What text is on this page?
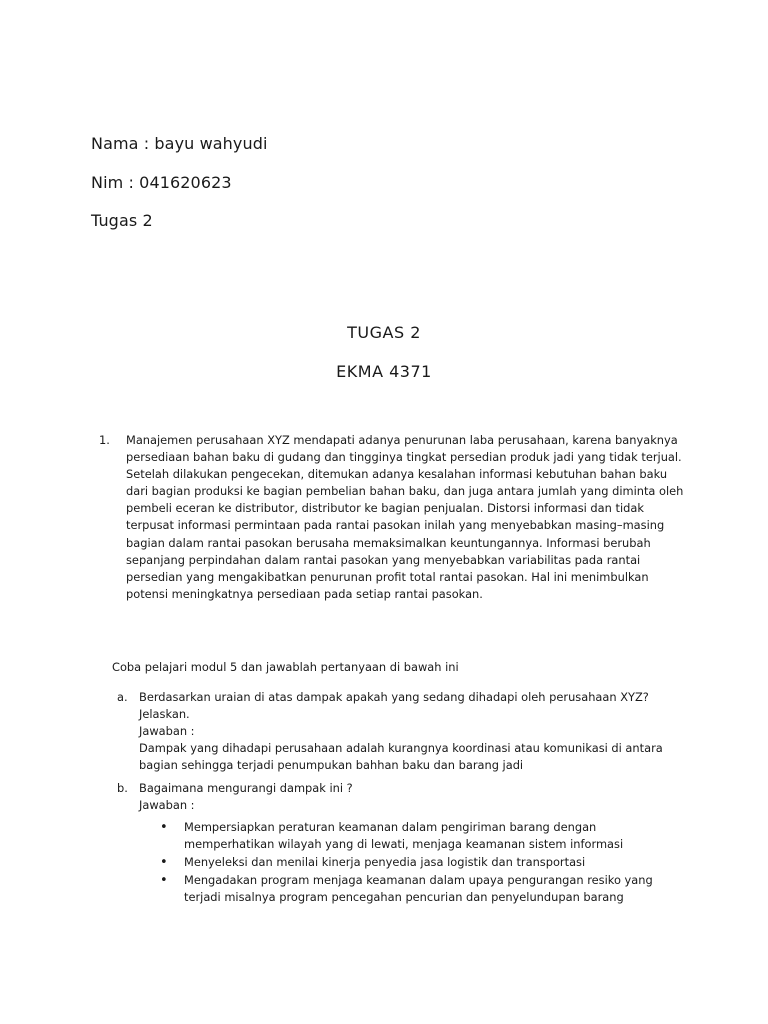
Nama : bayu wahyudi
Nim : 041620623
Tugas 2
TUGAS 2
EKMA 4371
1. Manajemen perusahaan XYZ mendapati adanya penurunan laba perusahaan, karena banyaknya
persediaan bahan baku di gudang dan tingginya tingkat persedian produk jadi yang tidak terjual.
Setelah dilakukan pengecekan, ditemukan adanya kesalahan informasi kebutuhan bahan baku
dari bagian produksi ke bagian pembelian bahan baku, dan juga antara jumlah yang diminta oleh
pembeli eceran ke distributor, distributor ke bagian penjualan. Distorsi informasi dan tidak
terpusat informasi permintaan pada rantai pasokan inilah yang menyebabkan masing–masing
bagian dalam rantai pasokan berusaha memaksimalkan keuntungannya. Informasi berubah
sepanjang perpindahan dalam rantai pasokan yang menyebabkan variabilitas pada rantai
persedian yang mengakibatkan penurunan profit total rantai pasokan. Hal ini menimbulkan
potensi meningkatnya persediaan pada setiap rantai pasokan.
Coba pelajari modul 5 dan jawablah pertanyaan di bawah ini
a. Berdasarkan uraian di atas dampak apakah yang sedang dihadapi oleh perusahaan XYZ?
Jelaskan.
Jawaban :
Dampak yang dihadapi perusahaan adalah kurangnya koordinasi atau komunikasi di antara
bagian sehingga terjadi penumpukan bahhan baku dan barang jadi
b. Bagaimana mengurangi dampak ini ?
Jawaban :
• Mempersiapkan peraturan keamanan dalam pengiriman barang dengan
memperhatikan wilayah yang di lewati, menjaga keamanan sistem informasi
• Menyeleksi dan menilai kinerja penyedia jasa logistik dan transportasi
• Mengadakan program menjaga keamanan dalam upaya pengurangan resiko yang
terjadi misalnya program pencegahan pencurian dan penyelundupan barang
